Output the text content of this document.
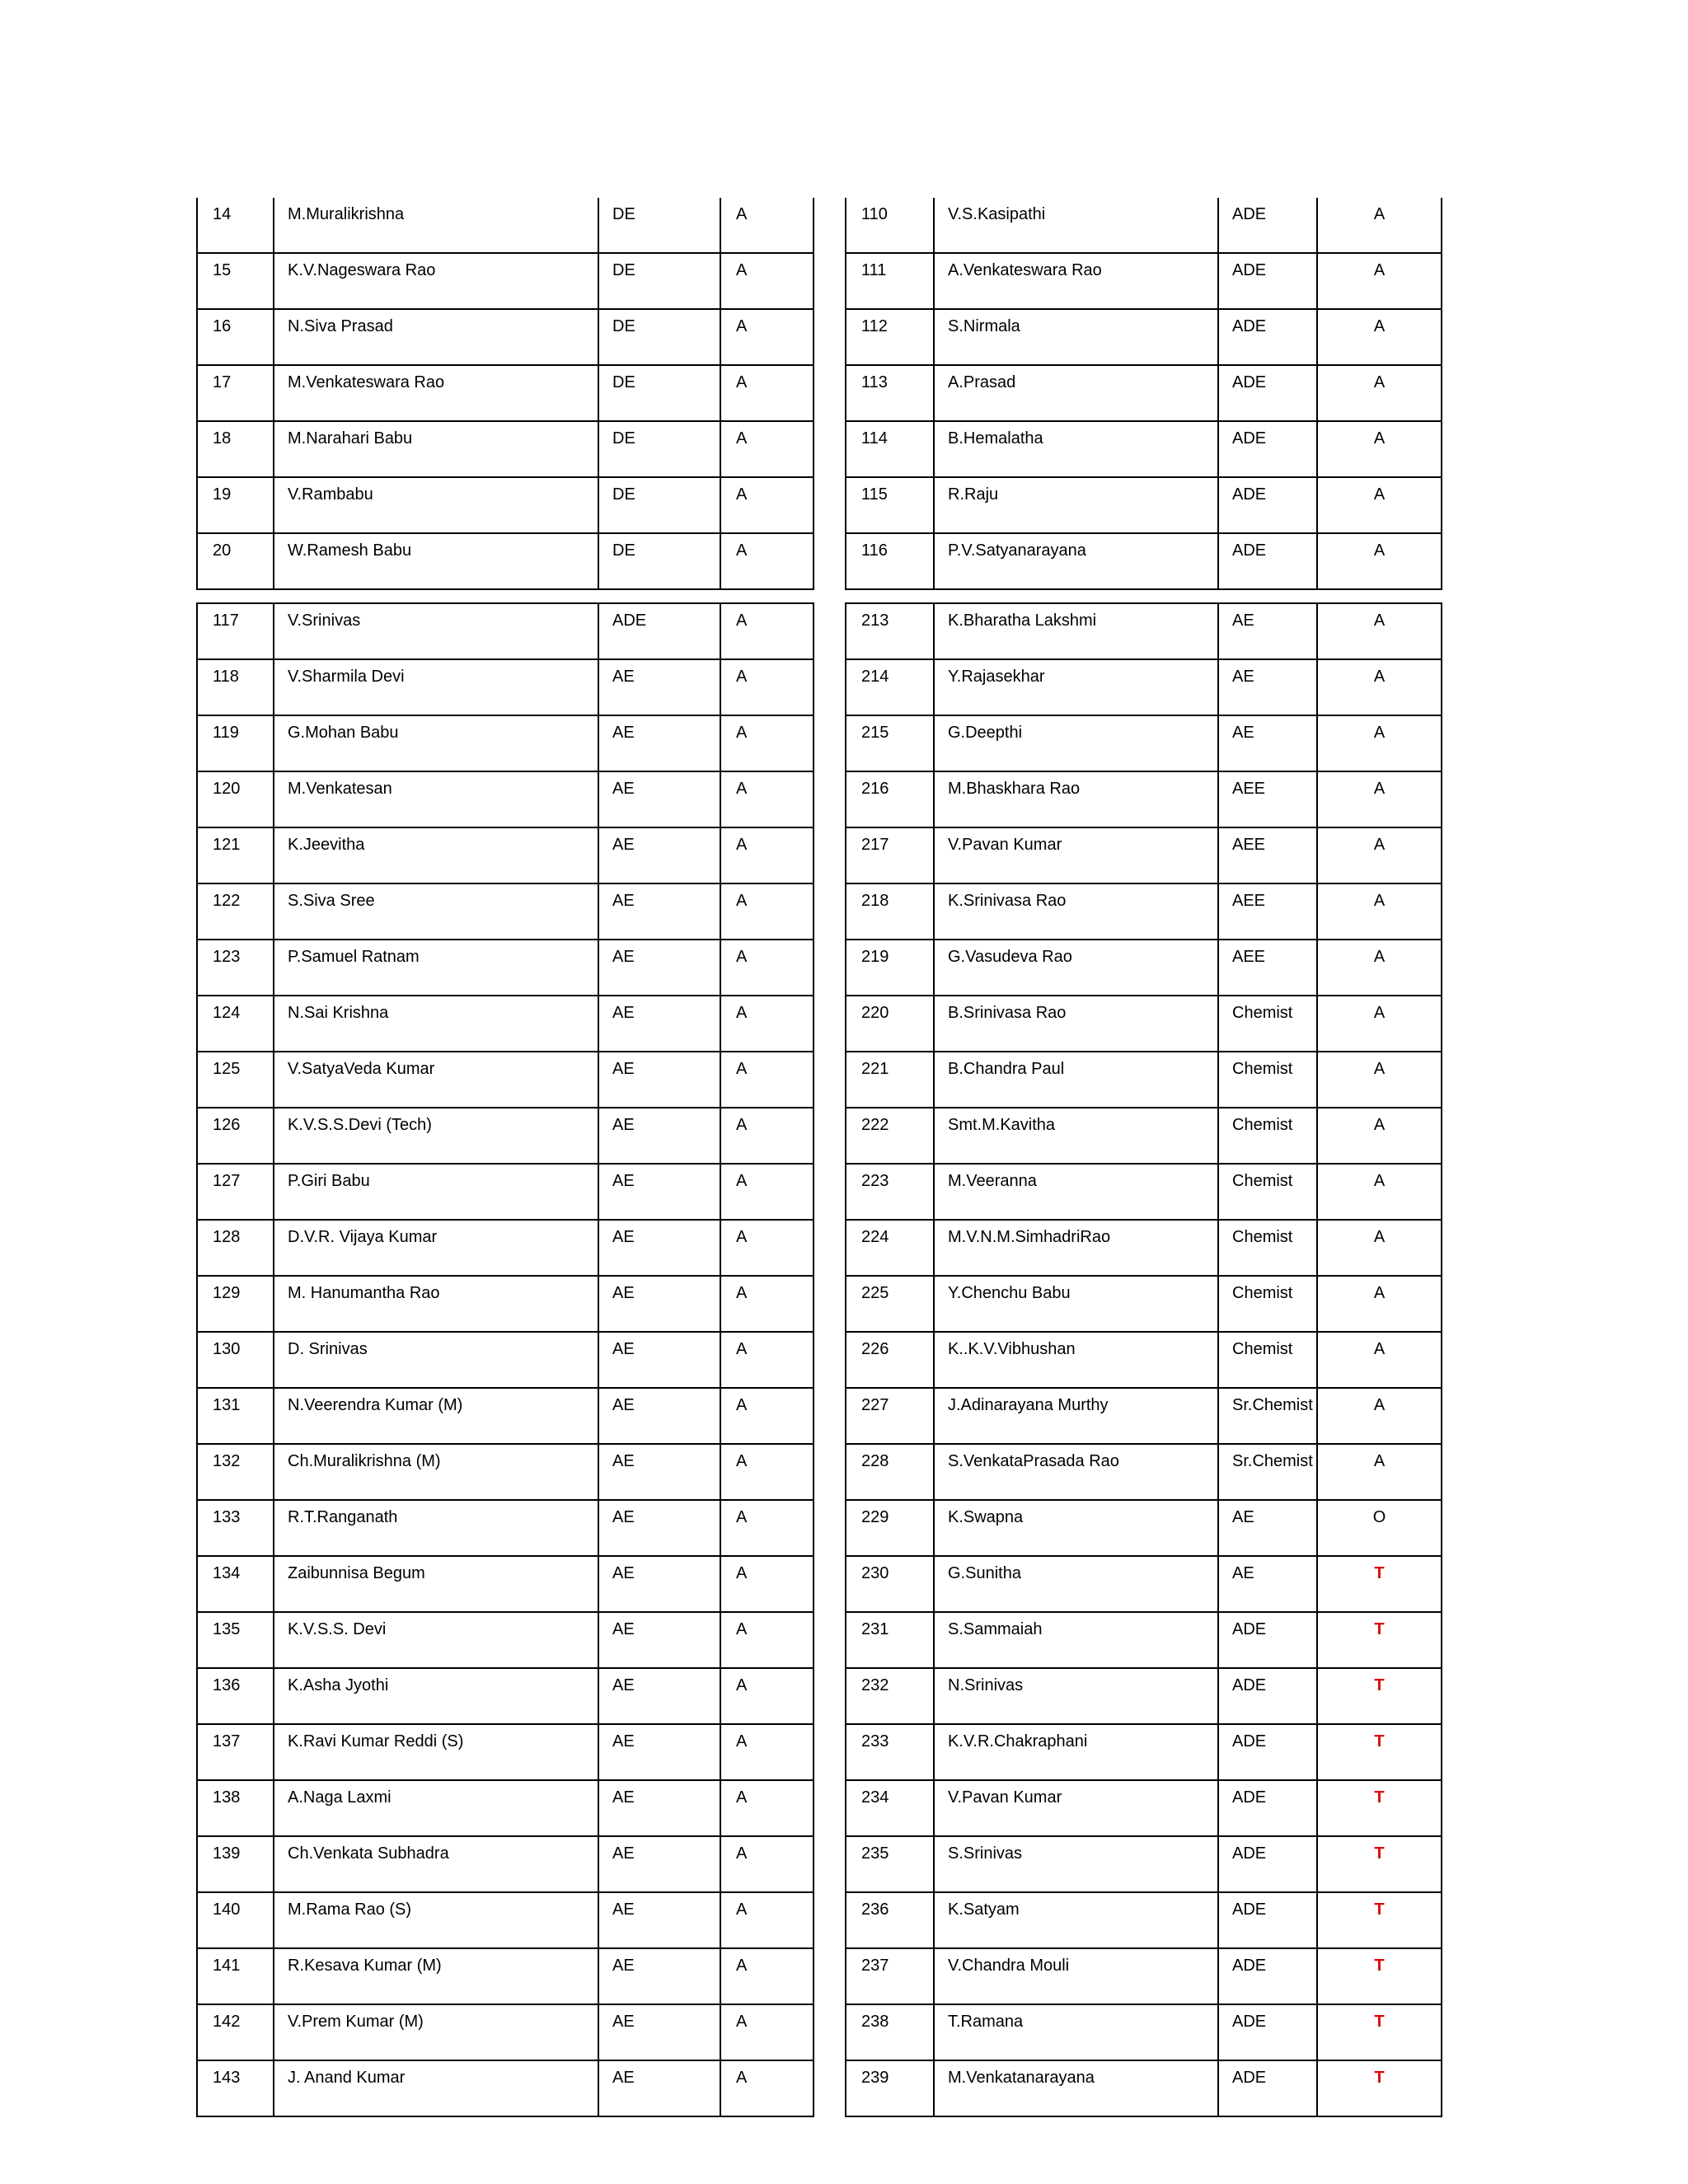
14	M.Muralikrishna	DE	A
15	K.V.Nageswara Rao	DE	A
16	N.Siva Prasad	DE	A
17	M.Venkateswara Rao	DE	A
18	M.Narahari Babu	DE	A
19	V.Rambabu	DE	A
20	W.Ramesh Babu	DE	A
110	V.S.Kasipathi	ADE	A
111	A.Venkateswara Rao	ADE	A
112	S.Nirmala	ADE	A
113	A.Prasad	ADE	A
114	B.Hemalatha	ADE	A
115	R.Raju	ADE	A
116	P.V.Satyanarayana	ADE	A
117	V.Srinivas	ADE	A
118	V.Sharmila Devi	AE	A
119	G.Mohan Babu	AE	A
120	M.Venkatesan	AE	A
121	K.Jeevitha	AE	A
122	S.Siva Sree	AE	A
123	P.Samuel Ratnam	AE	A
124	N.Sai Krishna	AE	A
125	V.SatyaVeda Kumar	AE	A
126	K.V.S.S.Devi (Tech)	AE	A
127	P.Giri Babu	AE	A
128	D.V.R. Vijaya Kumar	AE	A
129	M. Hanumantha Rao	AE	A
130	D. Srinivas	AE	A
131	N.Veerendra Kumar (M)	AE	A
132	Ch.Muralikrishna (M)	AE	A
133	R.T.Ranganath	AE	A
134	Zaibunnisa Begum	AE	A
135	K.V.S.S. Devi	AE	A
136	K.Asha Jyothi	AE	A
137	K.Ravi Kumar Reddi (S)	AE	A
138	A.Naga Laxmi	AE	A
139	Ch.Venkata Subhadra	AE	A
140	M.Rama Rao (S)	AE	A
141	R.Kesava Kumar (M)	AE	A
142	V.Prem Kumar (M)	AE	A
143	J. Anand Kumar	AE	A
213	K.Bharatha Lakshmi	AE	A
214	Y.Rajasekhar	AE	A
215	G.Deepthi	AE	A
216	M.Bhaskhara Rao	AEE	A
217	V.Pavan Kumar	AEE	A
218	K.Srinivasa Rao	AEE	A
219	G.Vasudeva Rao	AEE	A
220	B.Srinivasa Rao	Chemist	A
221	B.Chandra Paul	Chemist	A
222	Smt.M.Kavitha	Chemist	A
223	M.Veeranna	Chemist	A
224	M.V.N.M.SimhadriRao	Chemist	A
225	Y.Chenchu Babu	Chemist	A
226	K..K.V.Vibhushan	Chemist	A
227	J.Adinarayana Murthy	Sr.Chemist	A
228	S.VenkataPrasada Rao	Sr.Chemist	A
229	K.Swapna	AE	O
230	G.Sunitha	AE	T
231	S.Sammaiah	ADE	T
232	N.Srinivas	ADE	T
233	K.V.R.Chakraphani	ADE	T
234	V.Pavan Kumar	ADE	T
235	S.Srinivas	ADE	T
236	K.Satyam	ADE	T
237	V.Chandra Mouli	ADE	T
238	T.Ramana	ADE	T
239	M.Venkatanarayana	ADE	T
